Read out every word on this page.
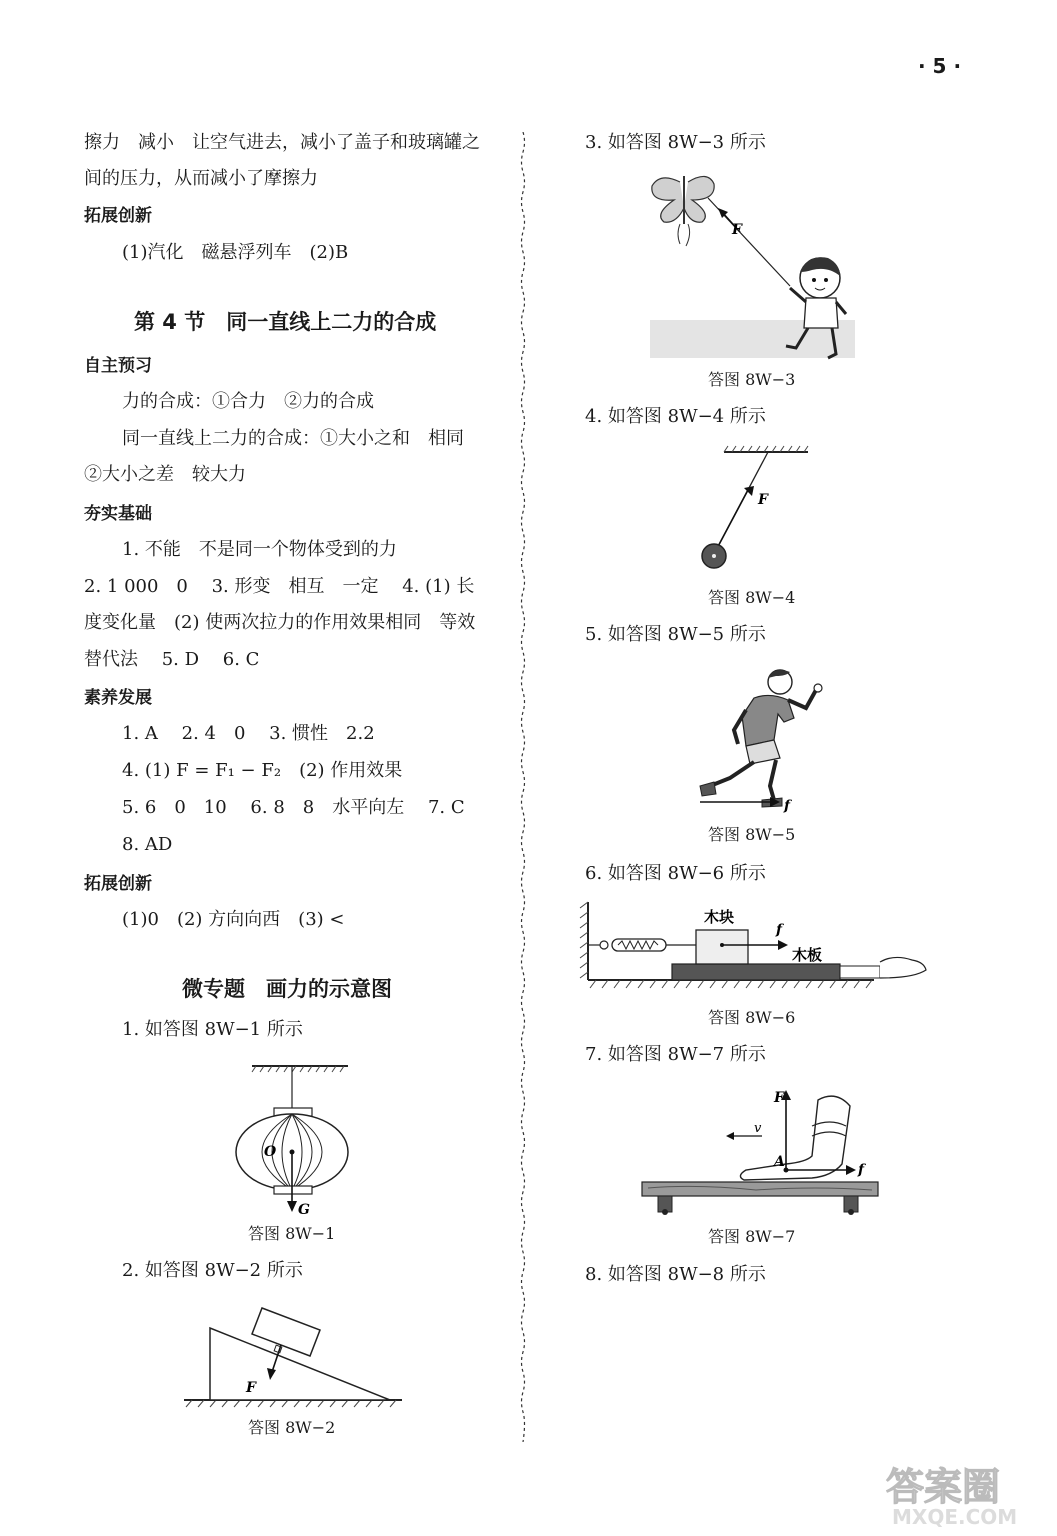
· 5 ·
擦力　减小　让空气进去，减小了盖子和玻璃罐之
间的压力，从而减小了摩擦力
拓展创新
(1)汽化　磁悬浮列车　(2)B
第 4 节　同一直线上二力的合成
自主预习
力的合成：①合力　②力的合成
同一直线上二力的合成：①大小之和　相同
②大小之差　较大力
夯实基础
1. 不能　不是同一个物体受到的力
2. 1 000　0　 3. 形变　相互　一定　 4. (1) 长
度变化量　(2) 使两次拉力的作用效果相同　等效
替代法　 5. D　 6. C
素养发展
1. A　 2. 4　0　 3. 惯性　2.2
4. (1) F = F₁ − F₂　(2) 作用效果
5. 6　0　10　 6. 8　8　水平向左　 7. C
8. AD
拓展创新
(1)0　(2) 方向向西　(3) <
微专题　画力的示意图
1. 如答图 8W−1 所示
O
G
答图 8W−1
2. 如答图 8W−2 所示
F
答图 8W−2
3. 如答图 8W−3 所示
F
答图 8W−3
4. 如答图 8W−4 所示
F
答图 8W−4
5. 如答图 8W−5 所示
f
答图 8W−5
6. 如答图 8W−6 所示
木块
f
木板
答图 8W−6
7. 如答图 8W−7 所示
F
v
A	f
答图 8W−7
8. 如答图 8W−8 所示
答案圈
MXQE.COM
